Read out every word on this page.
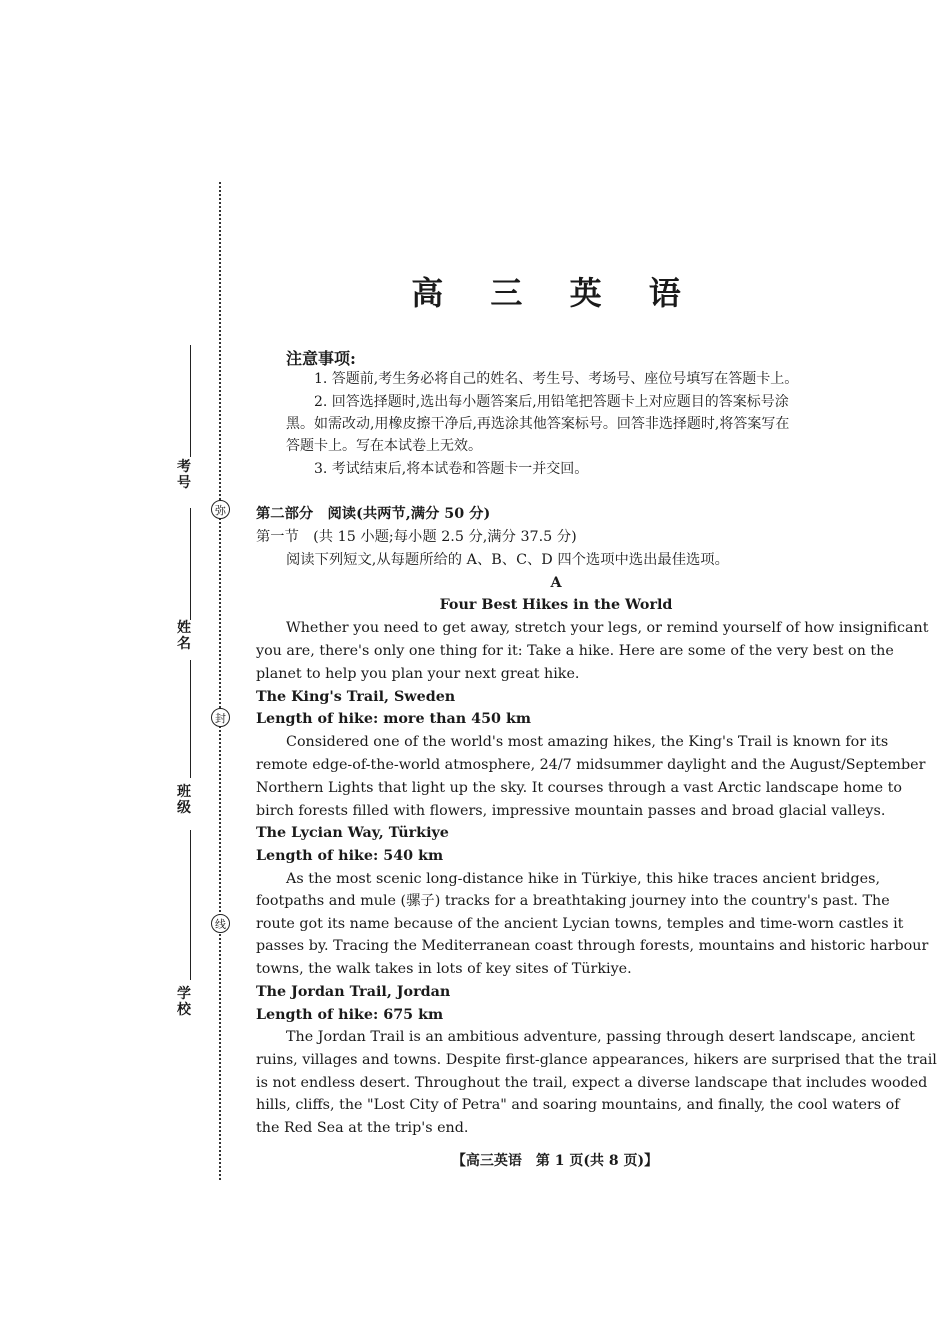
弥
封
线
考号
姓名
班级
学校
高 三 英 语
注意事项:
1. 答题前,考生务必将自己的姓名、考生号、考场号、座位号填写在答题卡上。
2. 回答选择题时,选出每小题答案后,用铅笔把答题卡上对应题目的答案标号涂
黑。如需改动,用橡皮擦干净后,再选涂其他答案标号。回答非选择题时,将答案写在
答题卡上。写在本试卷上无效。
3. 考试结束后,将本试卷和答题卡一并交回。
第二部分　阅读(共两节,满分 50 分)
第一节　(共 15 小题;每小题 2.5 分,满分 37.5 分)
阅读下列短文,从每题所给的 A、B、C、D 四个选项中选出最佳选项。
A
Four Best Hikes in the World
Whether you need to get away, stretch your legs, or remind yourself of how insignificant
you are, there's only one thing for it: Take a hike. Here are some of the very best on the
planet to help you plan your next great hike.
The King's Trail, Sweden
Length of hike: more than 450 km
Considered one of the world's most amazing hikes, the King's Trail is known for its
remote edge-of-the-world atmosphere, 24/7 midsummer daylight and the August/September
Northern Lights that light up the sky. It courses through a vast Arctic landscape home to
birch forests filled with flowers, impressive mountain passes and broad glacial valleys.
The Lycian Way, Türkiye
Length of hike: 540 km
As the most scenic long-distance hike in Türkiye, this hike traces ancient bridges,
footpaths and mule (骡子) tracks for a breathtaking journey into the country's past. The
route got its name because of the ancient Lycian towns, temples and time-worn castles it
passes by. Tracing the Mediterranean coast through forests, mountains and historic harbour
towns, the walk takes in lots of key sites of Türkiye.
The Jordan Trail, Jordan
Length of hike: 675 km
The Jordan Trail is an ambitious adventure, passing through desert landscape, ancient
ruins, villages and towns. Despite first-glance appearances, hikers are surprised that the trail
is not endless desert. Throughout the trail, expect a diverse landscape that includes wooded
hills, cliffs, the "Lost City of Petra" and soaring mountains, and finally, the cool waters of
the Red Sea at the trip's end.
【高三英语　第 1 页(共 8 页)】
